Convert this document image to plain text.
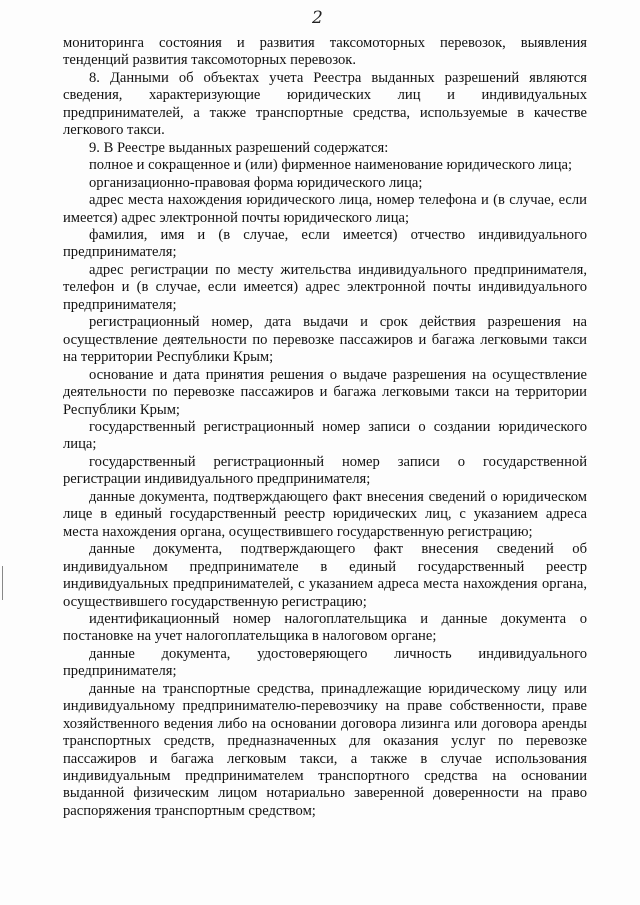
2

мониторинга состояния и развития таксомоторных перевозок, выявления тенденций развития таксомоторных перевозок.

8. Данными об объектах учета Реестра выданных разрешений являются сведения, характеризующие юридических лиц и индивидуальных предпринимателей, а также транспортные средства, используемые в качестве легкового такси.

9. В Реестре выданных разрешений содержатся:

полное и сокращенное и (или) фирменное наименование юридического лица;

организационно-правовая форма юридического лица;

адрес места нахождения юридического лица, номер телефона и (в случае, если имеется) адрес электронной почты юридического лица;

фамилия, имя и (в случае, если имеется) отчество индивидуального предпринимателя;

адрес регистрации по месту жительства индивидуального предпринимателя, телефон и (в случае, если имеется) адрес электронной почты индивидуального предпринимателя;

регистрационный номер, дата выдачи и срок действия разрешения на осуществление деятельности по перевозке пассажиров и багажа легковыми такси на территории Республики Крым;

основание и дата принятия решения о выдаче разрешения на осуществление деятельности по перевозке пассажиров и багажа легковыми такси на территории Республики Крым;

государственный регистрационный номер записи о создании юридического лица;

государственный регистрационный номер записи о государственной регистрации индивидуального предпринимателя;

данные документа, подтверждающего факт внесения сведений о юридическом лице в единый государственный реестр юридических лиц, с указанием адреса места нахождения органа, осуществившего государственную регистрацию;

данные документа, подтверждающего факт внесения сведений об индивидуальном предпринимателе в единый государственный реестр индивидуальных предпринимателей, с указанием адреса места нахождения органа, осуществившего государственную регистрацию;

идентификационный номер налогоплательщика и данные документа о постановке на учет налогоплательщика в налоговом органе;

данные документа, удостоверяющего личность индивидуального предпринимателя;

данные на транспортные средства, принадлежащие юридическому лицу или индивидуальному предпринимателю-перевозчику на праве собственности, праве хозяйственного ведения либо на основании договора лизинга или договора аренды транспортных средств, предназначенных для оказания услуг по перевозке пассажиров и багажа легковым такси, а также в случае использования индивидуальным предпринимателем транспортного средства на основании выданной физическим лицом нотариально заверенной доверенности на право распоряжения транспортным средством;
